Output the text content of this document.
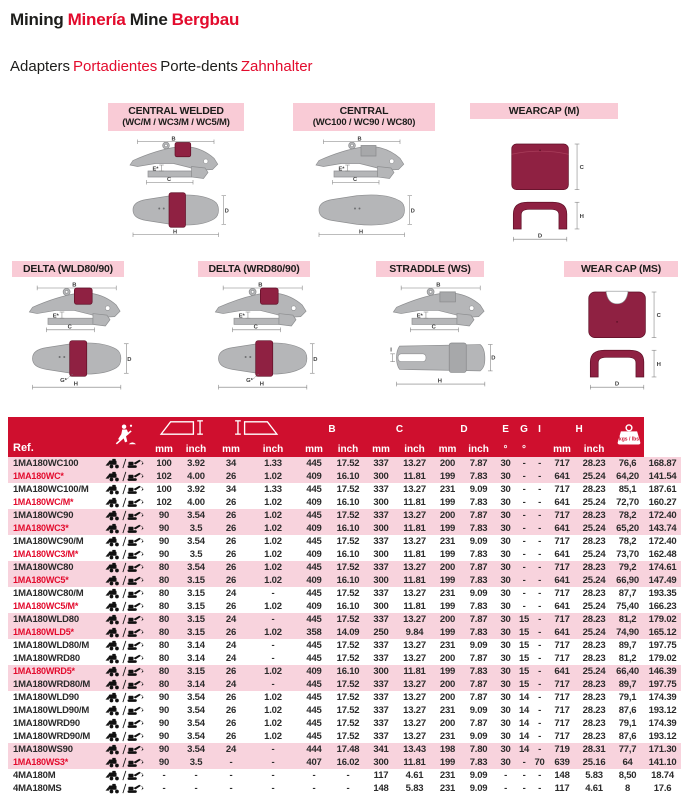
Mining Minería Mine Bergbau
Adapters Portadientes Porte-dents Zahnhalter
CENTRAL WELDED
(WC/M / WC3/M / WC5/M)
B
E*
C
D
H
CENTRAL
(WC100 / WC90 / WC80)
B
E*
C
D
H
WEARCAP (M)
C
H
D
DELTA (WLD80/90)
B
E*
C
D
G*
H
DELTA (WRD80/90)
B
E*
C
D
G*
H
STRADDLE (WS)
B
E*
C
I
D
H
WEAR CAP (MS)
C
H
D
Ref.						B		C		D		E	G	I	H		kgs / lbs	

		mm	inch	mm	inch	mm	inch	mm	inch	mm	inch	°	°		mm	inch		
1MA180WC100		100	3.92	34	1.33	445	17.52	337	13.27	200	7.87	30	-	-	717	28.23	76,6	168.87
1MA180WC*		102	4.00	26	1.02	409	16.10	300	11.81	199	7.83	30	-	-	641	25.24	64,20	141.54
1MA180WC100/M		100	3.92	34	1.33	445	17.52	337	13.27	231	9.09	30	-	-	717	28.23	85,1	187.61
1MA180WC/M*		102	4.00	26	1.02	409	16.10	300	11.81	199	7.83	30	-	-	641	25.24	72,70	160.27
1MA180WC90		90	3.54	26	1.02	445	17.52	337	13.27	200	7.87	30	-	-	717	28.23	78,2	172.40
1MA180WC3*		90	3.5	26	1.02	409	16.10	300	11.81	199	7.83	30	-	-	641	25.24	65,20	143.74
1MA180WC90/M		90	3.54	26	1.02	445	17.52	337	13.27	231	9.09	30	-	-	717	28.23	78,2	172.40
1MA180WC3/M*		90	3.5	26	1.02	409	16.10	300	11.81	199	7.83	30	-	-	641	25.24	73,70	162.48
1MA180WC80		80	3.54	26	1.02	445	17.52	337	13.27	200	7.87	30	-	-	717	28.23	79,2	174.61
1MA180WC5*		80	3.15	26	1.02	409	16.10	300	11.81	199	7.83	30	-	-	641	25.24	66,90	147.49
1MA180WC80/M		80	3.15	24	-	445	17.52	337	13.27	231	9.09	30	-	-	717	28.23	87,7	193.35
1MA180WC5/M*		80	3.15	26	1.02	409	16.10	300	11.81	199	7.83	30	-	-	641	25.24	75,40	166.23
1MA180WLD80		80	3.15	24	-	445	17.52	337	13.27	200	7.87	30	15	-	717	28.23	81,2	179.02
1MA180WLD5*		80	3.15	26	1.02	358	14.09	250	9.84	199	7.83	30	15	-	641	25.24	74,90	165.12
1MA180WLD80/M		80	3.14	24	-	445	17.52	337	13.27	231	9.09	30	15	-	717	28.23	89,7	197.75
1MA180WRD80		80	3.14	24	-	445	17.52	337	13.27	200	7.87	30	15	-	717	28.23	81,2	179.02
1MA180WRD5*		80	3.15	26	1.02	409	16.10	300	11.81	199	7.83	30	15	-	641	25.24	66,40	146.39
1MA180WRD80/M		80	3.14	24	-	445	17.52	337	13.27	200	7.87	30	15	-	717	28.23	89,7	197.75
1MA180WLD90		90	3.54	26	1.02	445	17.52	337	13.27	200	7.87	30	14	-	717	28.23	79,1	174.39
1MA180WLD90/M		90	3.54	26	1.02	445	17.52	337	13.27	231	9.09	30	14	-	717	28.23	87,6	193.12
1MA180WRD90		90	3.54	26	1.02	445	17.52	337	13.27	200	7.87	30	14	-	717	28.23	79,1	174.39
1MA180WRD90/M		90	3.54	26	1.02	445	17.52	337	13.27	231	9.09	30	14	-	717	28.23	87,6	193.12
1MA180WS90		90	3.54	24	-	444	17.48	341	13.43	198	7.80	30	14	-	719	28.31	77,7	171.30
1MA180WS3*		90	3.5	-	-	407	16.02	300	11.81	199	7.83	30	-	70	639	25.16	64	141.10
4MA180M		-	-	-	-	-	-	117	4.61	231	9.09	-	-	-	148	5.83	8,50	18.74
4MA180MS		-	-	-	-	-	-	148	5.83	231	9.09	-	-	-	117	4.61	8	17.6
